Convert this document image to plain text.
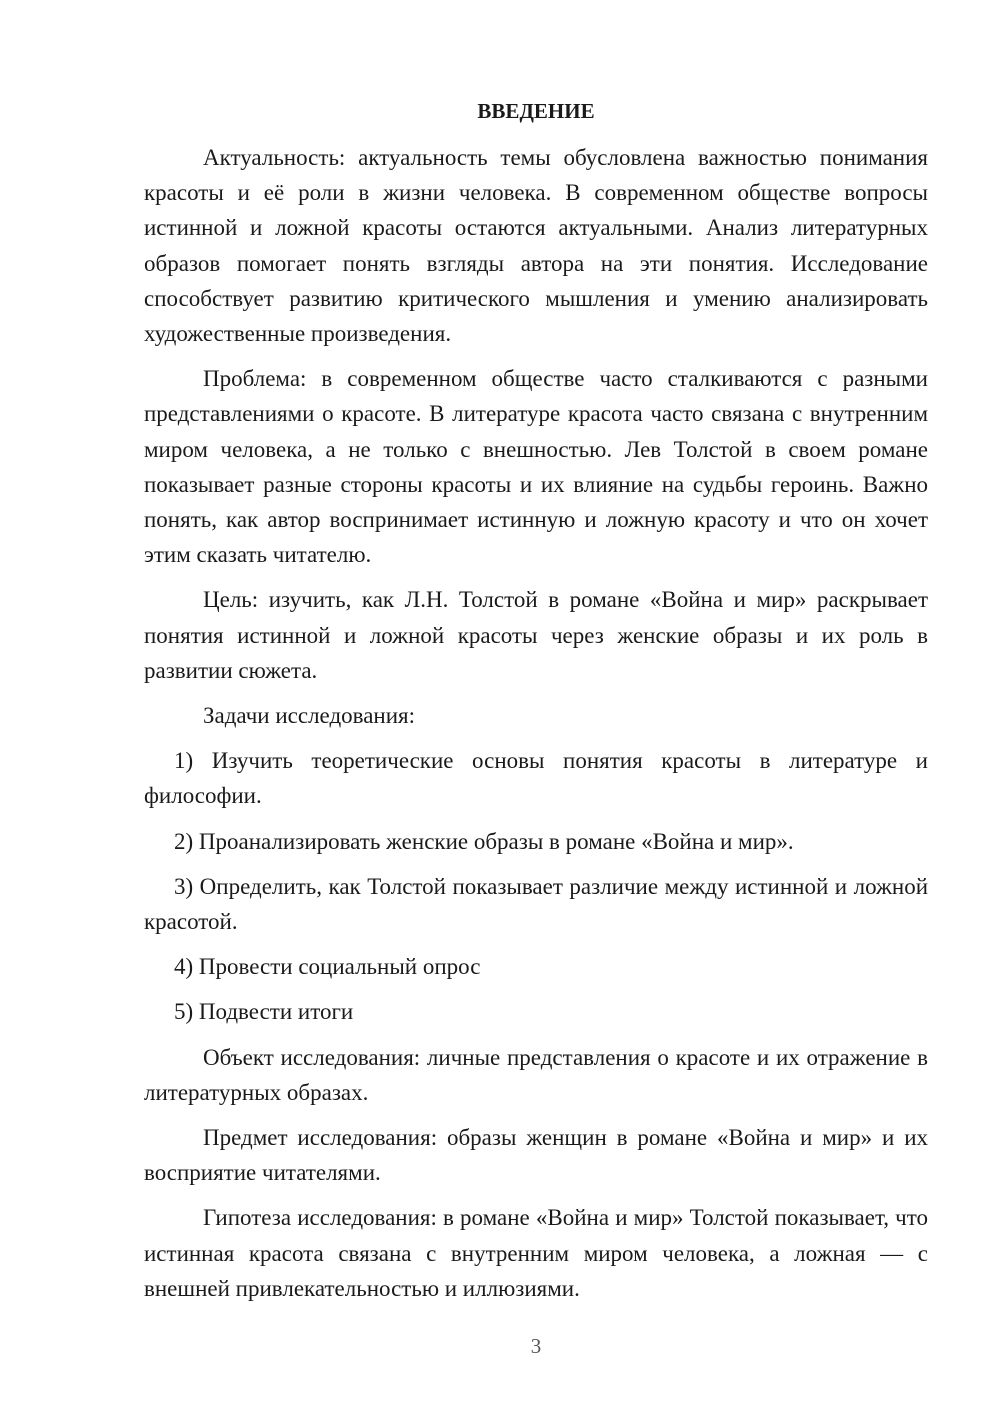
ВВЕДЕНИЕ

Актуальность: актуальность темы обусловлена важностью понимания красоты и её роли в жизни человека. В современном обществе вопросы истинной и ложной красоты остаются актуальными. Анализ литературных образов помогает понять взгляды автора на эти понятия. Исследование способствует развитию критического мышления и умению анализировать художественные произведения.

Проблема: в современном обществе часто сталкиваются с разными представлениями о красоте. В литературе красота часто связана с внутренним миром человека, а не только с внешностью. Лев Толстой в своем романе показывает разные стороны красоты и их влияние на судьбы героинь. Важно понять, как автор воспринимает истинную и ложную красоту и что он хочет этим сказать читателю.

Цель: изучить, как Л.Н. Толстой в романе «Война и мир» раскрывает понятия истинной и ложной красоты через женские образы и их роль в развитии сюжета.

Задачи исследования:

1) Изучить теоретические основы понятия красоты в литературе и философии.

2) Проанализировать женские образы в романе «Война и мир».

3) Определить, как Толстой показывает различие между истинной и ложной красотой.

4) Провести социальный опрос

5) Подвести итоги

Объект исследования: личные представления о красоте и их отражение в литературных образах.

Предмет исследования: образы женщин в романе «Война и мир» и их восприятие читателями.

Гипотеза исследования: в романе «Война и мир» Толстой показывает, что истинная красота связана с внутренним миром человека, а ложная — с внешней привлекательностью и иллюзиями.

3
